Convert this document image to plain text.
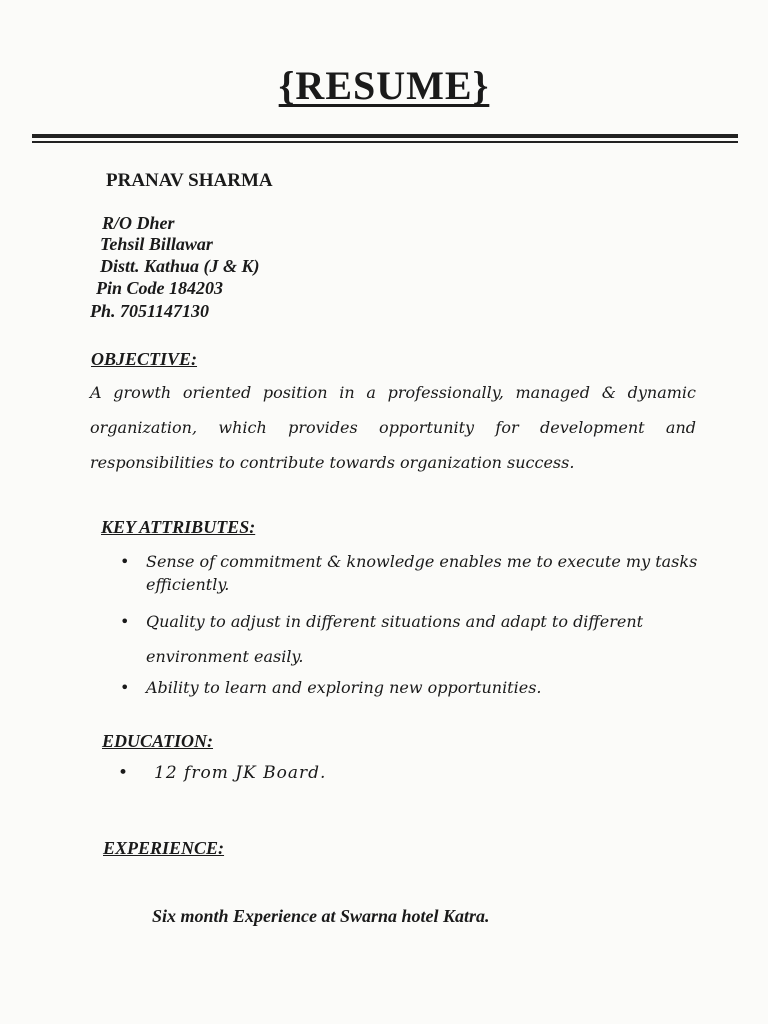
{RESUME}

PRANAV SHARMA

R/O Dher

Tehsil Billawar

Distt. Kathua (J & K)

Pin Code 184203

Ph. 7051147130

OBJECTIVE:

A growth oriented position in a professionally, managed & dynamic organization, which provides opportunity for development and responsibilities to contribute towards organization success.

KEY ATTRIBUTES:

• Sense of commitment & knowledge enables me to execute my tasks efficiently.
• Quality to adjust in different situations and adapt to different environment easily.
• Ability to learn and exploring new opportunities.

EDUCATION:

• 12 from JK Board.

EXPERIENCE:

Six month Experience at Swarna hotel Katra.
